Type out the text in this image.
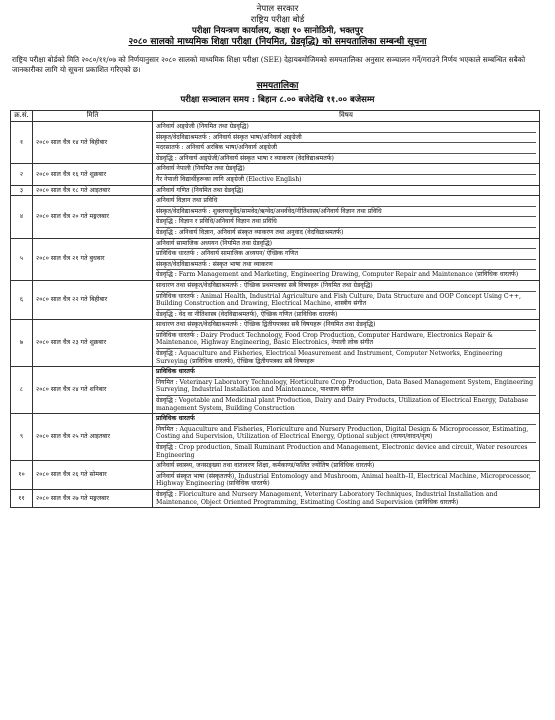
नेपाल सरकार
राष्ट्रिय परीक्षा बोर्ड
परीक्षा नियन्त्रण कार्यालय, कक्षा १० सानोठिमी, भक्तपुर
२०८० सालको माध्यमिक शिक्षा परीक्षा (नियमित, ग्रेडवृद्धि) को समयतालिका सम्बन्धी सूचना
राष्ट्रिय परीक्षा बोर्डको मिति २०८०/११/०७ को निर्णयानुसार २०८० सालको माध्यमिक शिक्षा परीक्षा (SEE) देहायबमोजिमको समयतालिका अनुसार सञ्चालन गर्ने/गराउने निर्णय भएकाले सम्बन्धित सबैको जानकारीका लागि यो सूचना प्रकाशित गरिएको छ।
समयतालिका
परीक्षा सञ्चालन समय : बिहान ८.०० बजेदेखि ११.०० बजेसम्म
क्र.सं.	मिति	विषय
१	२०८० साल चैत्र १४ गते बिहीबार	अनिवार्य अङ्ग्रेजी (नियमित तथा ग्रेडवृद्धि)
संस्कृत/वेदविद्याश्रमतर्फ : अनिवार्य संस्कृत भाषा/अनिवार्य अङ्ग्रेजी
मदरसातर्फ : अनिवार्य अरबिक भाषा/अनिवार्य अङ्ग्रेजी
ग्रेडवृद्धि : अनिवार्य अङ्ग्रेजी/अनिवार्य संस्कृत भाषा र व्याकरण (वेदविद्याश्रमतर्फ)

२	२०८० साल चैत्र १६ गते शुक्रबार	अनिवार्य नेपाली (नियमित तथा ग्रेडवृद्धि)
गैर नेपाली विद्यार्थीहरूका लागि अङ्ग्रेजी (Elective English)

३	२०८० साल चैत्र १८ गते आइतबार	अनिवार्य गणित (नियमित तथा ग्रेडवृद्धि)

४	२०८० साल चैत्र २० गते मङ्गलबार	अनिवार्य विज्ञान तथा प्रविधि
संस्कृत/वेदविद्याश्रमतर्फ : शुक्लयजुर्वेद/सामवेद/ऋग्वेद/अथर्ववेद/नीतिशास्त्र/अनिवार्य विज्ञान तथा प्रविधि
ग्रेडवृद्धि : विज्ञान र प्रविधि/अनिवार्य विज्ञान तथा प्रविधि
ग्रेडवृद्धि : अनिवार्य विज्ञान, अनिवार्य संस्कृत व्याकरण तथा अनुवाद (वेदविद्याश्रमतर्फ)

५	२०८० साल चैत्र २१ गते बुधबार	अनिवार्य सामाजिक अध्ययन (नियमित तथा ग्रेडवृद्धि)
प्राविधिक धारतर्फ : अनिवार्य सामाजिक अध्ययन/ ऐच्छिक गणित
संस्कृत/वेदविद्याश्रमतर्फ : संस्कृत भाषा तथा व्याकरण
ग्रेडवृद्धि : Farm Management and Marketing, Engineering Drawing, Computer Repair and Maintenance (प्राविधिक धारतर्फ)

६	२०८० साल चैत्र २२ गते बिहीबार	साधारण तथा संस्कृत/वेदविद्याश्रमतर्फ : ऐच्छिक प्रथमपत्रका सबै विषयहरू (नियमित तथा ग्रेडवृद्धि)
प्राविधिक धारतर्फ : Animal Health, Industrial Agriculture and Fish Culture, Data Structure and OOP Concept Using C++, Building Construction and Drawing, Electrical Machine, शास्त्रीय संगीत
ग्रेडवृद्धि : वेद वा नीतिशास्त्र (वेदविद्याश्रमतर्फ), ऐच्छिक गणित (प्राविधिक धारतर्फ)

७	२०८० साल चैत्र २३ गते शुक्रबार	साधारण तथा संस्कृत/वेदविद्याश्रमतर्फ : ऐच्छिक द्वितीयपत्रका सबै विषयहरू (नियमित तथा ग्रेडवृद्धि)
प्राविधिक धारतर्फ : Dairy Product Technology, Food Crop Production, Computer Hardware, Electronics Repair & Maintenance, Highway Engineering, Basic Electronics, नेपाली लोक संगीत
ग्रेडवृद्धि : Aquaculture and Fisheries, Electrical Measurement and Instrument, Computer Networks, Engineering Surveying (प्राविधिक धारतर्फ), ऐच्छिक द्वितीयपत्रका सबै विषयहरू

८	२०८० साल चैत्र २४ गते शनिबार	प्राविधिक धारतर्फ
नियमित : Veterinary Laboratory Technology, Horticulture Crop Production, Data Based Management System, Engineering Surveying, Industrial Installation and Maintenance, पाश्चात्य संगीत
ग्रेडवृद्धि : Vegetable and Medicinal plant Production, Dairy and Dairy Products, Utilization of Electrical Energy, Database management System, Building Construction

९	२०८० साल चैत्र २५ गते आइतबार	प्राविधिक धारतर्फ
नियमित : Aquaculture and Fisheries, Floriculture and Nursery Production, Digital Design & Microprocessor, Estimating, Costing and Supervision, Utilization of Electrical Energy, Optional subject (गायन/वादन/नृत्य)
ग्रेडवृद्धि : Crop production, Small Ruminant Production and Management, Electronic device and circuit, Water resources Engineering

१०	२०८० साल चैत्र २६ गते सोमबार	अनिवार्य स्वास्थ्य, जनसङ्ख्या तथा वातावरण शिक्षा, कर्मकाण्ड/फलित ज्योतिष (प्राविधिक धारतर्फ)
अनिवार्य संस्कृत भाषा (संस्कृततर्फ), Industrial Entomology and Mushroom, Animal health–II, Electrical Machine, Microprocessor, Highway Engineering (प्राविधिक धारतर्फ)

११	२०८० साल चैत्र २७ गते मङ्गलबार	ग्रेडवृद्धि : Floriculture and Nursery Management, Veterinary Laboratory Techniques, Industrial Installation and Maintenance, Object Oriented Programming, Estimating Costing and Supervision (प्राविधिक धारतर्फ)
